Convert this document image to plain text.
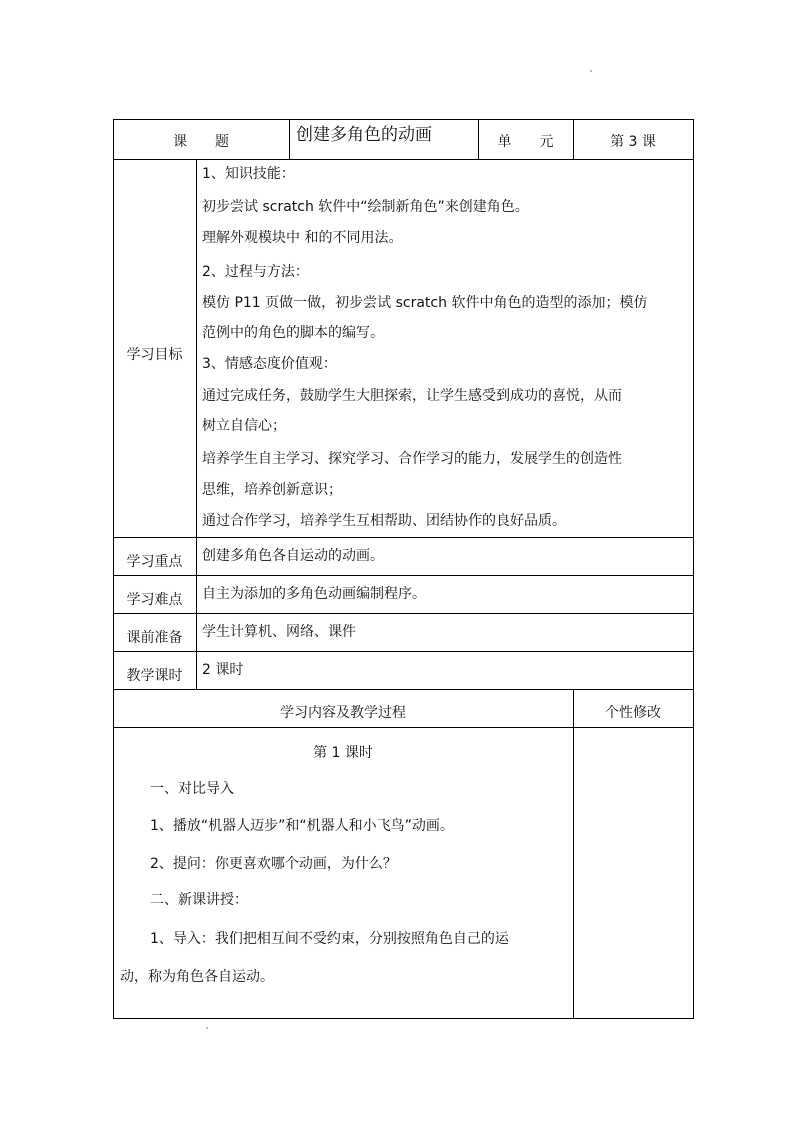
课　　题	创建多角色的动画	单　　元	第 3 课
学习目标
1、知识技能：
初步尝试 scratch 软件中“绘制新角色”来创建角色。
理解外观模块中 和的不同用法。
2、过程与方法：
模仿 P11 页做一做，初步尝试 scratch 软件中角色的造型的添加；模仿
范例中的角色的脚本的编写。
3、情感态度价值观：
通过完成任务，鼓励学生大胆探索，让学生感受到成功的喜悦，从而
树立自信心；
培养学生自主学习、探究学习、合作学习的能力，发展学生的创造性
思维，培养创新意识；
通过合作学习，培养学生互相帮助、团结协作的良好品质。
学习重点	创建多角色各自运动的动画。
学习难点	自主为添加的多角色动画编制程序。
课前准备	学生计算机、网络、课件
教学课时	2 课时
学习内容及教学过程	个性修改
第 1 课时
一、对比导入
1、播放“机器人迈步”和“机器人和小飞鸟”动画。
2、提问：你更喜欢哪个动画，为什么？
二、新课讲授：
1、导入：我们把相互间不受约束，分别按照角色自己的运
动，称为角色各自运动。
